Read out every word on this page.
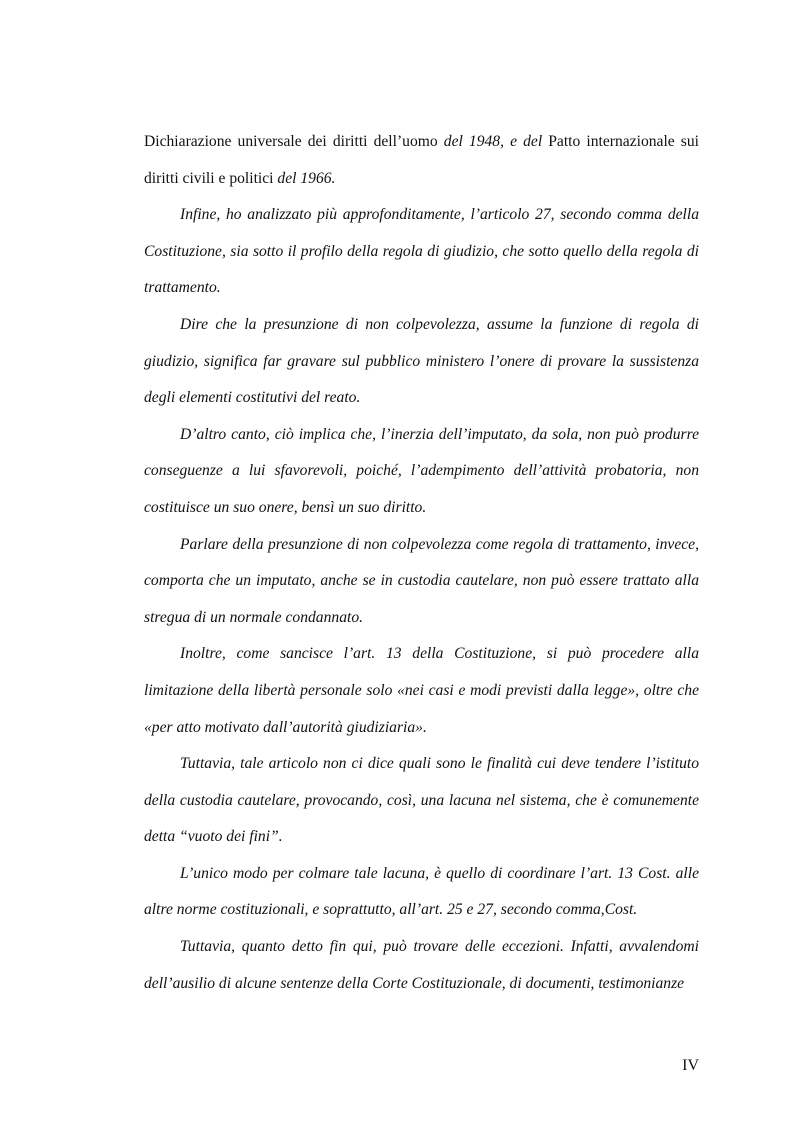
Dichiarazione universale dei diritti dell’uomo del 1948, e del Patto internazionale sui diritti civili e politici del 1966.

Infine, ho analizzato più approfonditamente, l’articolo 27, secondo comma della Costituzione, sia sotto il profilo della regola di giudizio, che sotto quello della regola di trattamento.

Dire che la presunzione di non colpevolezza, assume la funzione di regola di giudizio, significa far gravare sul pubblico ministero l’onere di provare la sussistenza degli elementi costitutivi del reato.

D’altro canto, ciò implica che, l’inerzia dell’imputato, da sola, non può produrre conseguenze a lui sfavorevoli, poiché, l’adempimento dell’attività probatoria, non costituisce un suo onere, bensì un suo diritto.

Parlare della presunzione di non colpevolezza come regola di trattamento, invece, comporta che un imputato, anche se in custodia cautelare, non può essere trattato alla stregua di un normale condannato.

Inoltre, come sancisce l’art. 13 della Costituzione, si può procedere alla limitazione della libertà personale solo «nei casi e modi previsti dalla legge», oltre che «per atto motivato dall’autorità giudiziaria».

Tuttavia, tale articolo non ci dice quali sono le finalità cui deve tendere l’istituto della custodia cautelare, provocando, così, una lacuna nel sistema, che è comunemente detta “vuoto dei fini”.

L’unico modo per colmare tale lacuna, è quello di coordinare l’art. 13 Cost. alle altre norme costituzionali, e soprattutto, all’art. 25 e 27, secondo comma,Cost.

Tuttavia, quanto detto fin qui, può trovare delle eccezioni. Infatti, avvalendomi dell’ausilio di alcune sentenze della Corte Costituzionale, di documenti, testimonianze

IV
